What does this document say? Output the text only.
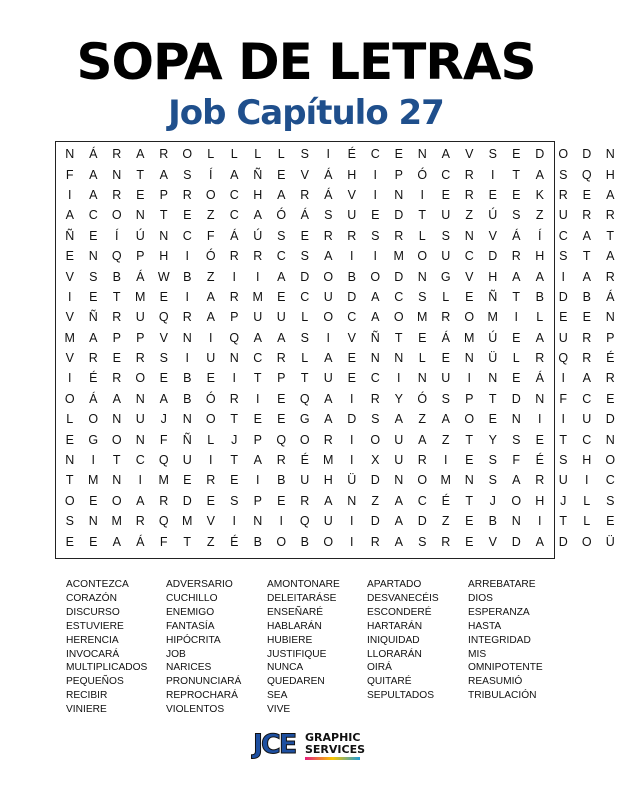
SOPA DE LETRAS
Job Capítulo 27
N	Á	R	A	R	O	L	L	L	L	S	I	É	C	E	N	A	V	S	E	D	O	D	N
F	A	N	T	A	S	Í	A	Ñ	E	V	Á	H	I	P	Ó	C	R	I	T	A	S	Q	H
I	A	R	E	P	R	O	C	H	A	R	Á	V	I	N	I	E	R	E	E	K	R	E	A
A	C	O	N	T	E	Z	C	A	Ó	Á	S	U	E	D	T	U	Z	Ú	S	Z	U	R	R
Ñ	E	Í	Ú	N	C	F	Á	Ú	S	E	R	R	S	R	L	S	N	V	Á	Í	C	A	T
E	N	Q	P	H	I	Ó	R	R	C	S	A	I	I	M	O	U	C	D	R	H	S	T	A
V	S	B	Á	W	B	Z	I	I	A	D	O	B	O	D	N	G	V	H	A	A	I	A	R
I	E	T	M	E	I	A	R	M	E	C	U	D	A	C	S	L	E	Ñ	T	B	D	B	Á
V	Ñ	R	U	Q	R	A	P	U	U	L	O	C	A	O	M	R	O	M	I	L	E	E	N
M	A	P	P	V	N	I	Q	A	A	S	I	V	Ñ	T	E	Á	M	Ú	E	A	U	R	P
V	R	E	R	S	I	U	N	C	R	L	A	E	N	N	L	E	N	Ü	L	R	Q	R	É
I	É	R	O	E	B	E	I	T	P	T	U	E	C	I	N	U	I	N	E	Á	I	A	R
O	Á	A	N	A	B	Ó	R	I	E	Q	A	I	R	Y	Ó	S	P	T	D	N	F	C	E
L	O	N	U	J	N	O	T	E	E	G	A	D	S	A	Z	A	O	E	N	I	I	U	D
E	G	O	N	F	Ñ	L	J	P	Q	O	R	I	O	U	A	Z	T	Y	S	E	T	C	N
N	I	T	C	Q	U	I	T	A	R	É	M	I	X	U	R	I	E	S	F	É	S	H	O
T	M	N	I	M	E	R	E	I	B	U	H	Ü	D	N	O	M	N	S	A	R	U	I	C
O	E	O	A	R	D	E	S	P	E	R	A	N	Z	A	C	É	T	J	O	H	J	L	S
S	N	M	R	Q	M	V	I	N	I	Q	U	I	D	A	D	Z	E	B	N	I	T	L	E
E	E	A	Á	F	T	Z	É	B	O	B	O	I	R	A	S	R	E	V	D	A	D	O	Ü
ACONTEZCA
CORAZÓN
DISCURSO
ESTUVIERE
HERENCIA
INVOCARÁ
MULTIPLICADOS
PEQUEÑOS
RECIBIR
VINIERE
ADVERSARIO
CUCHILLO
ENEMIGO
FANTASÍA
HIPÓCRITA
JOB
NARICES
PRONUNCIARÁ
REPROCHARÁ
VIOLENTOS
AMONTONARE
DELEITARÁSE
ENSEÑARÉ
HABLARÁN
HUBIERE
JUSTIFIQUE
NUNCA
QUEDAREN
SEA
VIVE
APARTADO
DESVANECÉIS
ESCONDERÉ
HARTARÁN
INIQUIDAD
LLORARÁN
OIRÁ
QUITARÉ
SEPULTADOS
ARREBATARE
DIOS
ESPERANZA
HASTA
INTEGRIDAD
MIS
OMNIPOTENTE
REASUMIÓ
TRIBULACIÓN
JCE GRAPHIC
SERVICES
